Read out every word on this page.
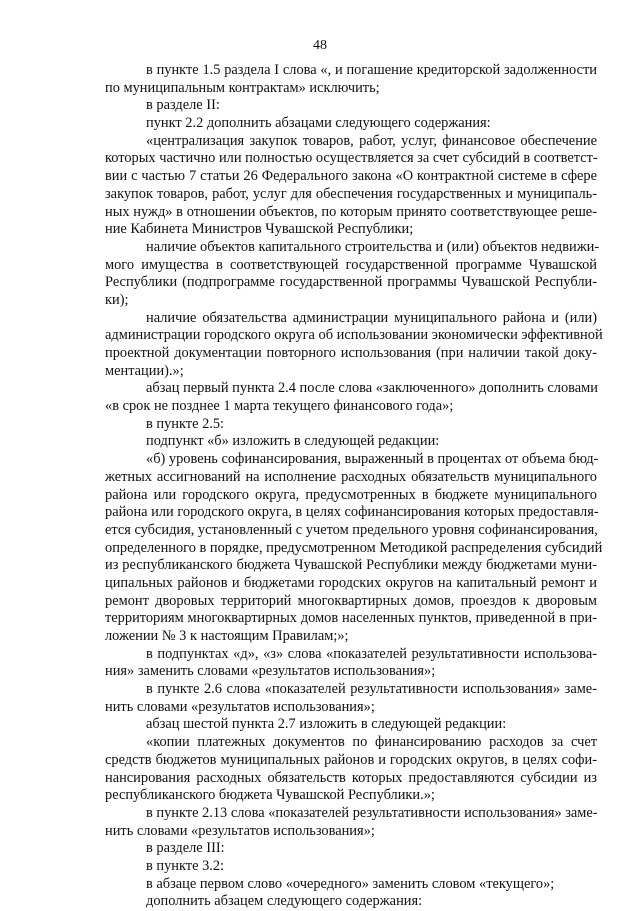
48
в пункте 1.5 раздела I слова «, и погашение кредиторской задолженности
по муниципальным контрактам» исключить;
в разделе II:
пункт 2.2 дополнить абзацами следующего содержания:
«централизация закупок товаров, работ, услуг, финансовое обеспечение
которых частично или полностью осуществляется за счет субсидий в соответст-
вии с частью 7 статьи 26 Федерального закона «О контрактной системе в сфере
закупок товаров, работ, услуг для обеспечения государственных и муниципаль-
ных нужд» в отношении объектов, по которым принято соответствующее реше-
ние Кабинета Министров Чувашской Республики;
наличие объектов капитального строительства и (или) объектов недвижи-
мого имущества в соответствующей государственной программе Чувашской
Республики (подпрограмме государственной программы Чувашской Республи-
ки);
наличие обязательства администрации муниципального района и (или)
администрации городского округа об использовании экономически эффективной
проектной документации повторного использования (при наличии такой доку-
ментации).»;
абзац первый пункта 2.4 после слова «заключенного» дополнить словами
«в срок не позднее 1 марта текущего финансового года»;
в пункте 2.5:
подпункт «б» изложить в следующей редакции:
«б) уровень софинансирования, выраженный в процентах от объема бюд-
жетных ассигнований на исполнение расходных обязательств муниципального
района или городского округа, предусмотренных в бюджете муниципального
района или городского округа, в целях софинансирования которых предоставля-
ется субсидия, установленный с учетом предельного уровня софинансирования,
определенного в порядке, предусмотренном Методикой распределения субсидий
из республиканского бюджета Чувашской Республики между бюджетами муни-
ципальных районов и бюджетами городских округов на капитальный ремонт и
ремонт дворовых территорий многоквартирных домов, проездов к дворовым
территориям многоквартирных домов населенных пунктов, приведенной в при-
ложении № 3 к настоящим Правилам;»;
в подпунктах «д», «з» слова «показателей результативности использова-
ния» заменить словами «результатов использования»;
в пункте 2.6 слова «показателей результативности использования» заме-
нить словами «результатов использования»;
абзац шестой пункта 2.7 изложить в следующей редакции:
«копии платежных документов по финансированию расходов за счет
средств бюджетов муниципальных районов и городских округов, в целях софи-
нансирования расходных обязательств которых предоставляются субсидии из
республиканского бюджета Чувашской Республики.»;
в пункте 2.13 слова «показателей результативности использования» заме-
нить словами «результатов использования»;
в разделе III:
в пункте 3.2:
в абзаце первом слово «очередного» заменить словом «текущего»;
дополнить абзацем следующего содержания:
